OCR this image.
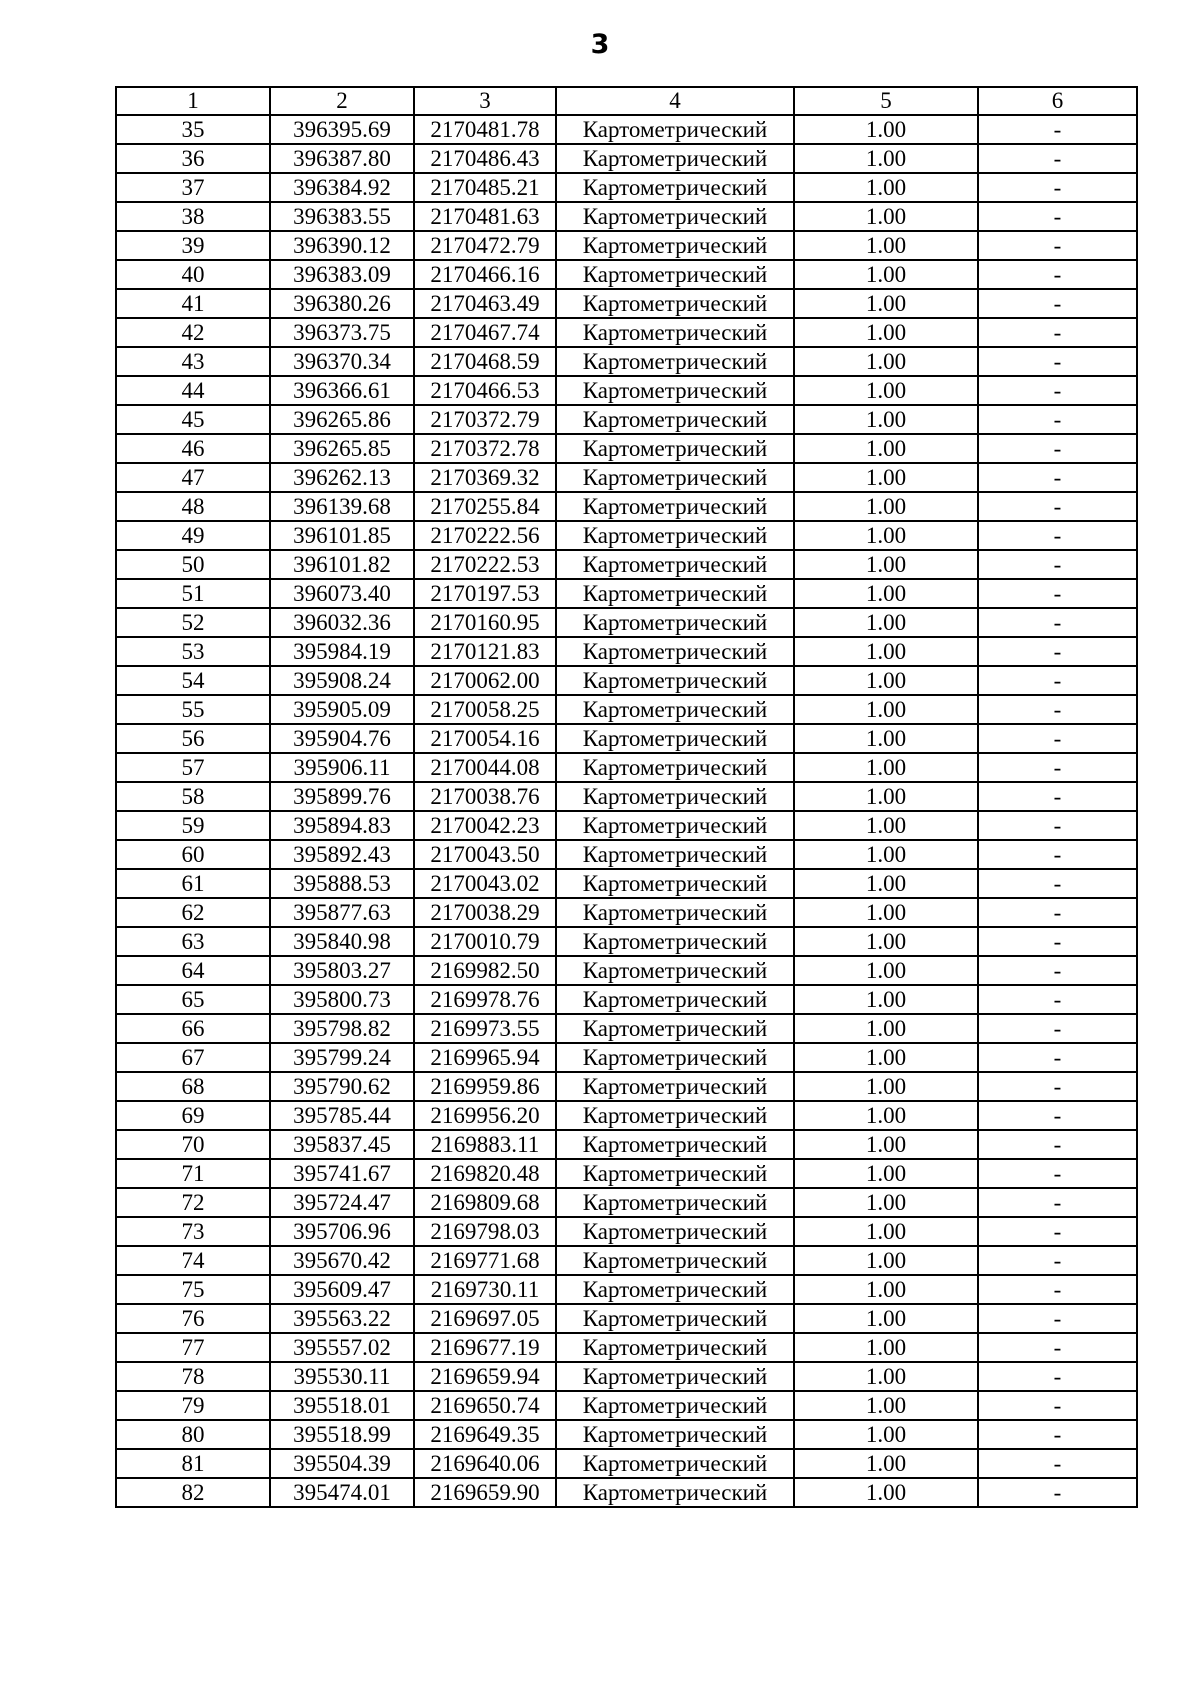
3
1	2	3	4	5	6
35	396395.69	2170481.78	Картометрический	1.00	-
36	396387.80	2170486.43	Картометрический	1.00	-
37	396384.92	2170485.21	Картометрический	1.00	-
38	396383.55	2170481.63	Картометрический	1.00	-
39	396390.12	2170472.79	Картометрический	1.00	-
40	396383.09	2170466.16	Картометрический	1.00	-
41	396380.26	2170463.49	Картометрический	1.00	-
42	396373.75	2170467.74	Картометрический	1.00	-
43	396370.34	2170468.59	Картометрический	1.00	-
44	396366.61	2170466.53	Картометрический	1.00	-
45	396265.86	2170372.79	Картометрический	1.00	-
46	396265.85	2170372.78	Картометрический	1.00	-
47	396262.13	2170369.32	Картометрический	1.00	-
48	396139.68	2170255.84	Картометрический	1.00	-
49	396101.85	2170222.56	Картометрический	1.00	-
50	396101.82	2170222.53	Картометрический	1.00	-
51	396073.40	2170197.53	Картометрический	1.00	-
52	396032.36	2170160.95	Картометрический	1.00	-
53	395984.19	2170121.83	Картометрический	1.00	-
54	395908.24	2170062.00	Картометрический	1.00	-
55	395905.09	2170058.25	Картометрический	1.00	-
56	395904.76	2170054.16	Картометрический	1.00	-
57	395906.11	2170044.08	Картометрический	1.00	-
58	395899.76	2170038.76	Картометрический	1.00	-
59	395894.83	2170042.23	Картометрический	1.00	-
60	395892.43	2170043.50	Картометрический	1.00	-
61	395888.53	2170043.02	Картометрический	1.00	-
62	395877.63	2170038.29	Картометрический	1.00	-
63	395840.98	2170010.79	Картометрический	1.00	-
64	395803.27	2169982.50	Картометрический	1.00	-
65	395800.73	2169978.76	Картометрический	1.00	-
66	395798.82	2169973.55	Картометрический	1.00	-
67	395799.24	2169965.94	Картометрический	1.00	-
68	395790.62	2169959.86	Картометрический	1.00	-
69	395785.44	2169956.20	Картометрический	1.00	-
70	395837.45	2169883.11	Картометрический	1.00	-
71	395741.67	2169820.48	Картометрический	1.00	-
72	395724.47	2169809.68	Картометрический	1.00	-
73	395706.96	2169798.03	Картометрический	1.00	-
74	395670.42	2169771.68	Картометрический	1.00	-
75	395609.47	2169730.11	Картометрический	1.00	-
76	395563.22	2169697.05	Картометрический	1.00	-
77	395557.02	2169677.19	Картометрический	1.00	-
78	395530.11	2169659.94	Картометрический	1.00	-
79	395518.01	2169650.74	Картометрический	1.00	-
80	395518.99	2169649.35	Картометрический	1.00	-
81	395504.39	2169640.06	Картометрический	1.00	-
82	395474.01	2169659.90	Картометрический	1.00	-
